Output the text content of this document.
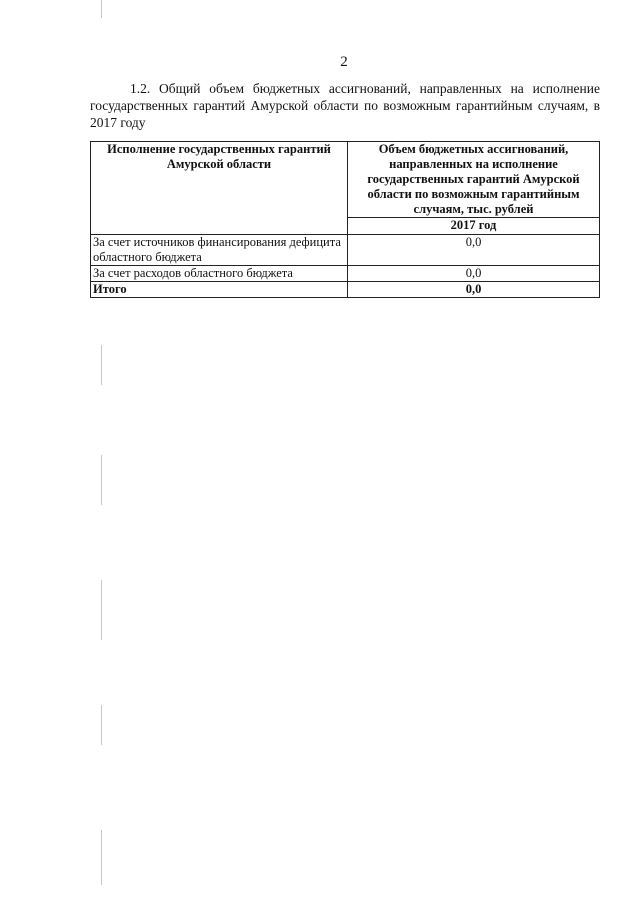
2

1.2. Общий объем бюджетных ассигнований, направленных на исполнение государственных гарантий Амурской области по возможным гарантийным случаям, в 2017 году

Исполнение государственных гарантий Амурской области	Объем бюджетных ассигнований, направленных на исполнение государственных гарантий Амурской области по возможным гарантийным случаям, тыс. рублей
	2017 год
За счет источников финансирования дефицита областного бюджета	0,0
За счет расходов областного бюджета	0,0
Итого	0,0
